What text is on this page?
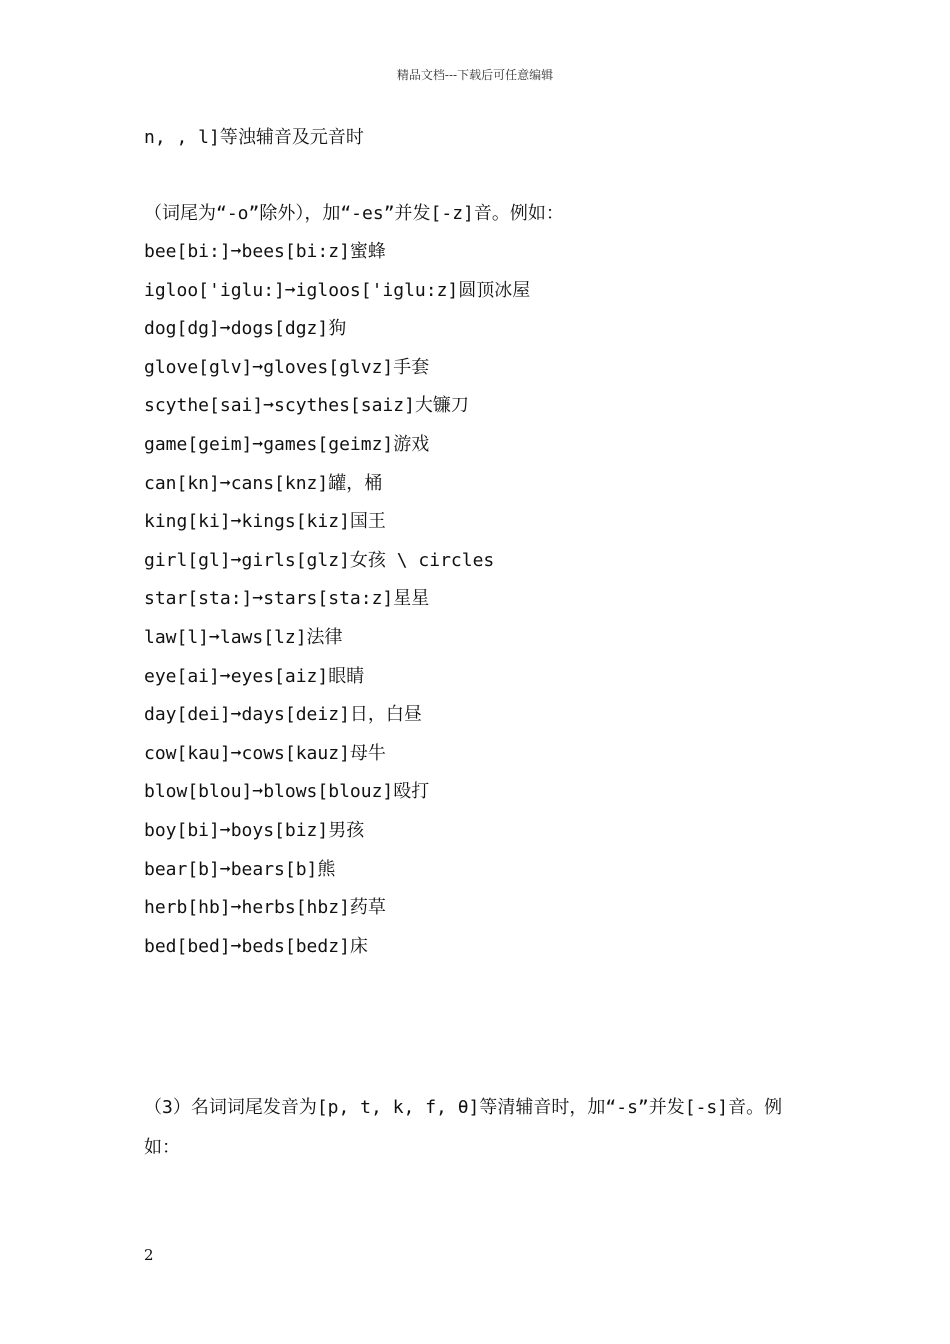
精品文档---下载后可任意编辑
n, , l]等浊辅音及元音时
（词尾为“-o”除外），加“-es”并发[-z]音。例如：
bee[bi:]➞bees[bi:z]蜜蜂
igloo['iglu:]➞igloos['iglu:z]圆顶冰屋
dog[dg]➞dogs[dgz]狗
glove[glv]➞gloves[glvz]手套
scythe[sai]➞scythes[saiz]大镰刀
game[geim]➞games[geimz]游戏
can[kn]➞cans[knz]罐，桶
king[ki]➞kings[kiz]国王
girl[gl]➞girls[glz]女孩 \ circles
star[sta:]➞stars[sta:z]星星
law[l]➞laws[lz]法律
eye[ai]➞eyes[aiz]眼睛
day[dei]➞days[deiz]日，白昼
cow[kau]➞cows[kauz]母牛
blow[blou]➞blows[blouz]殴打
boy[bi]➞boys[biz]男孩
bear[b]➞bears[b]熊
herb[hb]➞herbs[hbz]药草
bed[bed]➞beds[bedz]床
（3）名词词尾发音为[p, t, k, f, θ]等清辅音时，加“-s”并发[-s]音。例如：
2
